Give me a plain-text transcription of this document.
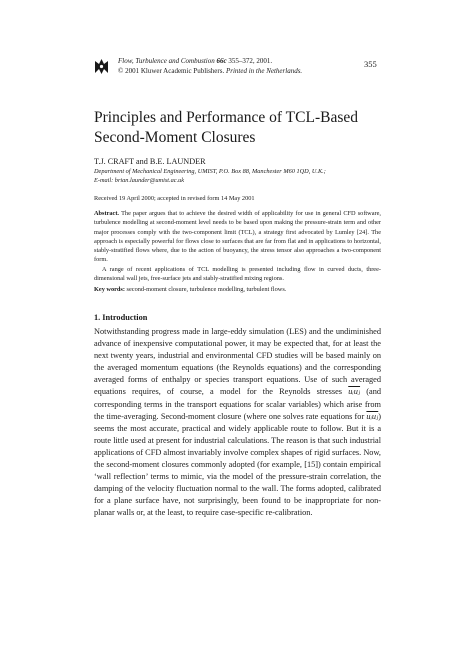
Flow, Turbulence and Combustion 66c 355–372, 2001.
© 2001 Kluwer Academic Publishers. Printed in the Netherlands.
355
Principles and Performance of TCL-Based
Second-Moment Closures
T.J. CRAFT and B.E. LAUNDER
Department of Mechanical Engineering, UMIST, P.O. Box 88, Manchester M60 1QD, U.K.;
E-mail: brian.launder@umist.ac.uk
Received 19 April 2000; accepted in revised form 14 May 2001
Abstract. The paper argues that to achieve the desired width of applicability for use in general CFD software, turbulence modelling at second-moment level needs to be based upon making the pressure-strain term and other major processes comply with the two-component limit (TCL), a strategy first advocated by Lumley [24]. The approach is especially powerful for flows close to surfaces that are far from flat and in applications to horizontal, stably-stratified flows where, due to the action of buoyancy, the stress tensor also approaches a two-component form.
A range of recent applications of TCL modelling is presented including flow in curved ducts, three-dimensional wall jets, free-surface jets and stably-stratified mixing regions.
Key words: second-moment closure, turbulence modelling, turbulent flows.
1. Introduction
Notwithstanding progress made in large-eddy simulation (LES) and the undiminished advance of inexpensive computational power, it may be expected that, for at least the next twenty years, industrial and environmental CFD studies will be based mainly on the averaged momentum equations (the Reynolds equations) and the corresponding averaged forms of enthalpy or species transport equations. Use of such averaged equations requires, of course, a model for the Reynolds stresses uᵢuⱼ (and corresponding terms in the transport equations for scalar variables) which arise from the time-averaging. Second-moment closure (where one solves rate equations for uᵢuⱼ) seems the most accurate, practical and widely applicable route to follow. But it is a route little used at present for industrial calculations. The reason is that such industrial applications of CFD almost invariably involve complex shapes of rigid surfaces. Now, the second-moment closures commonly adopted (for example, [15]) contain empirical ‘wall reflection’ terms to mimic, via the model of the pressure-strain correlation, the damping of the velocity fluctuation normal to the wall. The forms adopted, calibrated for a plane surface have, not surprisingly, been found to be inappropriate for non-planar walls or, at the least, to require case-specific re-calibration.
